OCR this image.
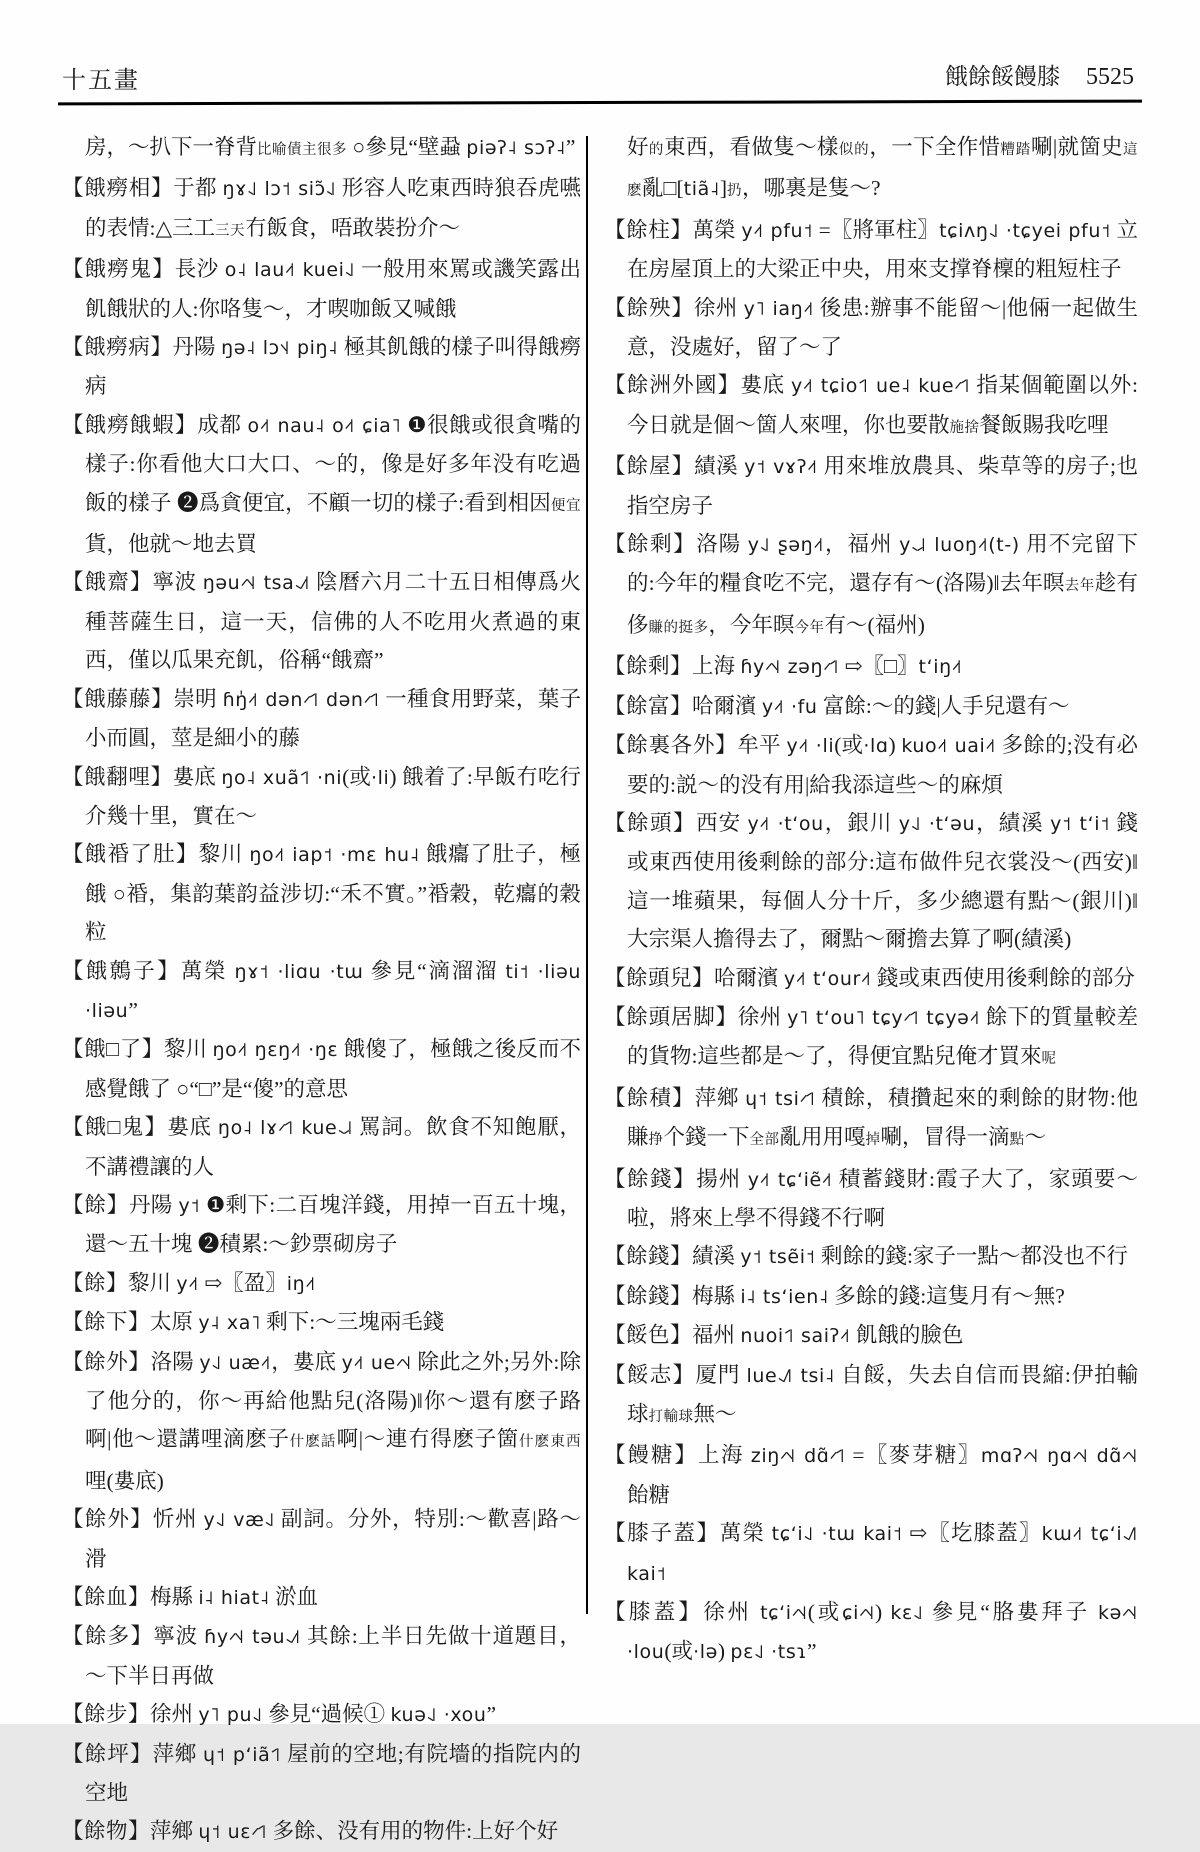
十五畫	餓餘餒饅膝 5525

房，～扒下一脊背比喻債主很多 ○參見“壁蝨 piəʔ˨ sɔʔ˨”

【餓癆相】于都 ŋɤ˨˩ lɔ˦ siɔ̃˨˩ 形容人吃東西時狼吞虎嚥的表情:△三工三天冇飯食，唔敢裝扮介～

【餓癆鬼】長沙 o˨ lau˨˦ kuei˨˩ 一般用來罵或譏笑露出飢餓狀的人:你咯隻～，才喫咖飯又喊餓

【餓癆病】丹陽 ŋə˨ lɔ˦˨ piŋ˨ 極其飢餓的樣子叫得餓癆病

【餓癆餓蝦】成都 o˨˦ nau˨ o˨˦ ɕia˥ ❶很餓或很貪嘴的樣子:你看他大口大口、～的，像是好多年没有吃過飯的樣子 ❷爲貪便宜，不顧一切的樣子:看到相因便宜貨，他就～地去買

【餓齋】寧波 ŋəu˨˦˨ tsa˨˩˦ 陰曆六月二十五日相傳爲火種菩薩生日，這一天，信佛的人不吃用火煮過的東西，僅以瓜果充飢，俗稱“餓齋”

【餓藤藤】崇明 ɦŋ̍˨˦ dən˨˦˥ dən˨˦˥ 一種食用野菜，葉子小而圓，莖是細小的藤

【餓翻哩】婁底 ŋo˨ xuã˦˥ ·ni(或·li) 餓着了:早飯冇吃行介幾十里，實在～

【餓䄑了肚】黎川 ŋo˨˦ iap˦ ·mɛ hu˨ 餓癟了肚子，極餓 ○䄑，集韵葉韵益涉切:“禾不實。”䄑穀，乾癟的穀粒

【餓鷯子】萬榮 ŋɤ˦ ·liɑu ·tɯ 參見“滴溜溜 ti˦ ·liəu ·liəu”

【餓□了】黎川 ŋo˨˦ ŋɛŋ˨˦ ·ŋɛ 餓傻了，極餓之後反而不感覺餓了 ○“□”是“傻”的意思

【餓□鬼】婁底 ŋo˨ lɤ˨˦˥ kue˨˩˨ 罵詞。飲食不知飽厭，不講禮讓的人

【餘】丹陽 y˦ ❶剩下:二百塊洋錢，用掉一百五十塊，還～五十塊 ❷積累:～鈔票砌房子

【餘】黎川 y˨˦ ⇨〖盈〗iŋ˨˦

【餘下】太原 y˨ xa˥ 剩下:～三塊兩毛錢

【餘外】洛陽 y˨˩ uæ˨˦，婁底 y˨˦ ue˨˦˨ 除此之外;另外:除了他分的，你～再給他點兒(洛陽)‖你～還有麽子路啊|他～還講哩滴麽子什麽話啊|～連冇得麽子箇什麽東西哩(婁底)

【餘外】忻州 y˨˩ væ˨˩ 副詞。分外，特別:～歡喜|路～滑

【餘血】梅縣 i˨ hiat˨ 淤血

【餘多】寧波 ɦy˨˦˨ təu˨˩˦ 其餘:上半日先做十道題目，～下半日再做

【餘步】徐州 y˥ pu˨˩ 參見“過候① kuə˨˩ ·xou”

【餘坪】萍鄉 ɥ˦ pʻiã˦˥ 屋前的空地;有院墻的指院内的空地

【餘物】萍鄉 ɥ˦ uɛ˨˦˥ 多餘、没有用的物件:上好个好

好的東西，看做隻～樣似的，一下全作惜糟踏唰|就箇史這麽亂□[tiã˨]扔，哪裏是隻～?

【餘柱】萬榮 y˨˦ pfu˦ =〖將軍柱〗tɕiʌŋ˨˩ ·tɕyei pfu˦ 立在房屋頂上的大梁正中央，用來支撑脊檁的粗短柱子

【餘殃】徐州 y˥ iaŋ˨˦ 後患:辦事不能留～|他倆一起做生意，没處好，留了～了

【餘洲外國】婁底 y˨˦ tɕio˦˥ ue˨ kue˨˦˥ 指某個範圍以外:今日就是個～箇人來哩，你也要散施捨餐飯賜我吃哩

【餘屋】績溪 y˦ vɤʔ˨˦ 用來堆放農具、柴草等的房子;也指空房子

【餘剩】洛陽 y˨˩ ʂəŋ˨˦，福州 y˨˩˨ luoŋ˨˦(t-) 用不完留下的:今年的糧食吃不完，還存有～(洛陽)‖去年暝去年趁有侈賺的挺多，今年暝今年有～(福州)

【餘剩】上海 ɦy˨˦˨ zəŋ˨˦˥ ⇨〖□〗tʻiŋ˨˦

【餘富】哈爾濱 y˨˦ ·fu 富餘:～的錢|人手兒還有～

【餘裏各外】牟平 y˨˦ ·li(或·lɑ) kuo˨˦ uai˨˦ 多餘的;没有必要的:説～的没有用|給我添這些～的麻煩

【餘頭】西安 y˨˦ ·tʻou，銀川 y˨˩ ·tʻəu，績溪 y˦ tʻi˦ 錢或東西使用後剩餘的部分:這布做件兒衣裳没～(西安)‖這一堆蘋果，每個人分十斤，多少總還有點～(銀川)‖大宗渠人擔得去了，爾點～爾擔去算了啊(績溪)

【餘頭兒】哈爾濱 y˨˦ tʻour˨˦ 錢或東西使用後剩餘的部分

【餘頭居脚】徐州 y˥ tʻou˥ tɕy˨˦˥ tɕyə˨˦ 餘下的質量較差的貨物:這些都是～了，得便宜點兒俺才買來呢

【餘積】萍鄉 ɥ˦ tsi˨˦˥ 積餘，積攢起來的剩餘的財物:他賺挣个錢一下全部亂用用嘎掉唰，冒得一滴點～

【餘錢】揚州 y˨˦ tɕʻiẽ˨˦ 積蓄錢財:霞子大了，家頭要～啦，將來上學不得錢不行啊

【餘錢】績溪 y˦ tsẽi˦ 剩餘的錢:家子一點～都没也不行

【餘錢】梅縣 i˨ tsʻien˨ 多餘的錢:這隻月有～無?

【餒色】福州 nuoi˦˥ saiʔ˨˦ 飢餓的臉色

【餒志】厦門 lue˨˩˥ tsi˨ 自餒，失去自信而畏縮:伊拍輸球打輸球無～

【饅糖】上海 ziŋ˨˦˨ dɑ̃˨˦˥ =〖麥芽糖〗mɑʔ˨˦˨ ŋɑ˨˦˨ dɑ̃˨˦˨ 飴糖

【膝子蓋】萬榮 tɕʻi˨˩ ·tɯ kai˦ ⇨〖圪膝蓋〗kɯ˨˦ tɕʻi˨˩˥ kai˦

【膝蓋】徐州 tɕʻi˨˦˨(或ɕi˨˦˨) kɛ˨˩ 參見“胳婁拜子 kə˨˦˨ ·lou(或·lə) pɛ˨˩ ·tsɿ”
